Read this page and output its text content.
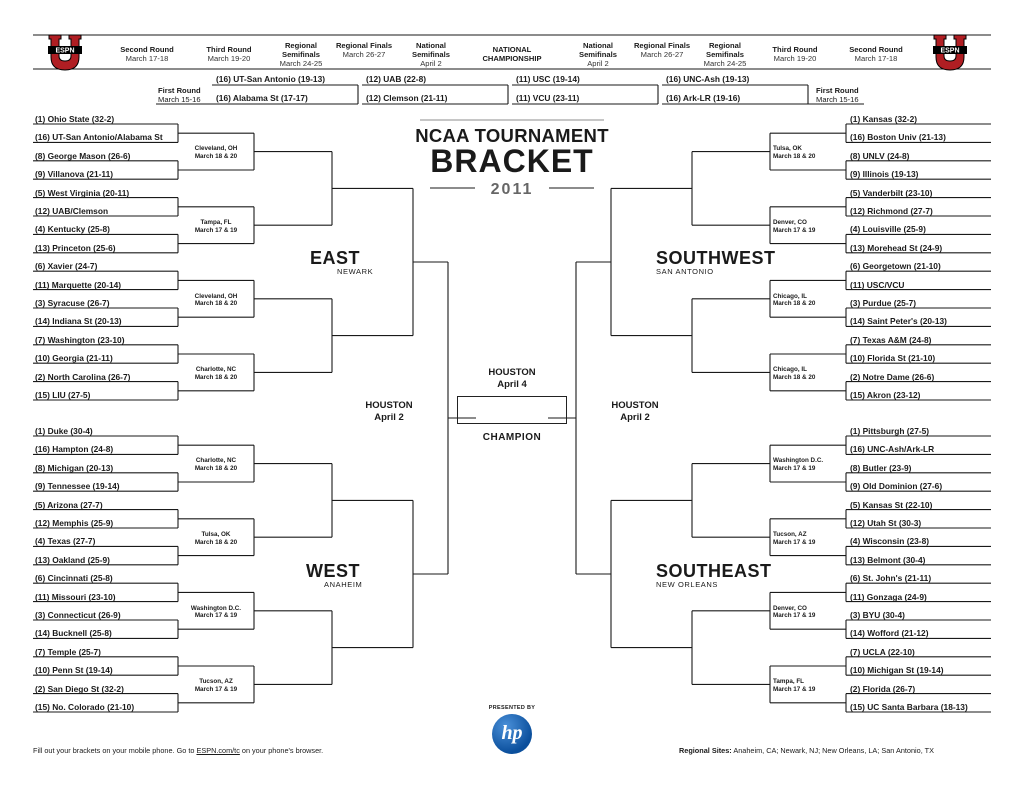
ESPN	ESPN
Second Round
March 17-18
Third Round
March 19-20
Regional Semifinals
March 24-25
Regional Finals
March 26-27
National Semifinals
April 2
NATIONAL CHAMPIONSHIP
National Semifinals
April 2
Regional Finals
March 26-27
Regional Semifinals
March 24-25
Third Round
March 19-20
Second Round
March 17-18
First Round
March 15-16
First Round
March 15-16
(16) UT-San Antonio (19-13)
(16) Alabama St (17-17)
(12) UAB (22-8)
(12) Clemson (21-11)
(11) USC (19-14)
(11) VCU (23-11)
(16) UNC-Ash (19-13)
(16) Ark-LR (19-16)
NCAA TOURNAMENT
BRACKET
2011
EAST
NEWARK
WEST
ANAHEIM
SOUTHWEST
SAN ANTONIO
SOUTHEAST
NEW ORLEANS
HOUSTON
April 2
HOUSTON
April 2
HOUSTON
April 4
CHAMPION
PRESENTED BY
hp
Fill out your brackets on your mobile phone. Go to ESPN.com/tc on your phone's browser.	Regional Sites: Anaheim, CA; Newark, NJ; New Orleans, LA; San Antonio, TX
(1) Ohio State (32-2)
(16) UT-San Antonio/Alabama St
(8) George Mason (26-6)
(9) Villanova (21-11)
(5) West Virginia (20-11)
(12) UAB/Clemson
(4) Kentucky (25-8)
(13) Princeton (25-6)
(6) Xavier (24-7)
(11) Marquette (20-14)
(3) Syracuse (26-7)
(14) Indiana St (20-13)
(7) Washington (23-10)
(10) Georgia (21-11)
(2) North Carolina (26-7)
(15) LIU (27-5)
Cleveland, OH
March 18 & 20
Tampa, FL
March 17 & 19
Cleveland, OH
March 18 & 20
Charlotte, NC
March 18 & 20
(1) Duke (30-4)
(16) Hampton (24-8)
(8) Michigan (20-13)
(9) Tennessee (19-14)
(5) Arizona (27-7)
(12) Memphis (25-9)
(4) Texas (27-7)
(13) Oakland (25-9)
(6) Cincinnati (25-8)
(11) Missouri (23-10)
(3) Connecticut (26-9)
(14) Bucknell (25-8)
(7) Temple (25-7)
(10) Penn St (19-14)
(2) San Diego St (32-2)
(15) No. Colorado (21-10)
Charlotte, NC
March 18 & 20
Tulsa, OK
March 18 & 20
Washington D.C.
March 17 & 19
Tucson, AZ
March 17 & 19
(1) Kansas (32-2)
(16) Boston Univ (21-13)
(8) UNLV (24-8)
(9) Illinois (19-13)
(5) Vanderbilt (23-10)
(12) Richmond (27-7)
(4) Louisville (25-9)
(13) Morehead St (24-9)
(6) Georgetown (21-10)
(11) USC/VCU
(3) Purdue (25-7)
(14) Saint Peter's (20-13)
(7) Texas A&M (24-8)
(10) Florida St (21-10)
(2) Notre Dame (26-6)
(15) Akron (23-12)
Tulsa, OK
March 18 & 20
Denver, CO
March 17 & 19
Chicago, IL
March 18 & 20
Chicago, IL
March 18 & 20
(1) Pittsburgh (27-5)
(16) UNC-Ash/Ark-LR
(8) Butler (23-9)
(9) Old Dominion (27-6)
(5) Kansas St (22-10)
(12) Utah St (30-3)
(4) Wisconsin (23-8)
(13) Belmont (30-4)
(6) St. John's (21-11)
(11) Gonzaga (24-9)
(3) BYU (30-4)
(14) Wofford (21-12)
(7) UCLA (22-10)
(10) Michigan St (19-14)
(2) Florida (26-7)
(15) UC Santa Barbara (18-13)
Washington D.C.
March 17 & 19
Tucson, AZ
March 17 & 19
Denver, CO
March 17 & 19
Tampa, FL
March 17 & 19
